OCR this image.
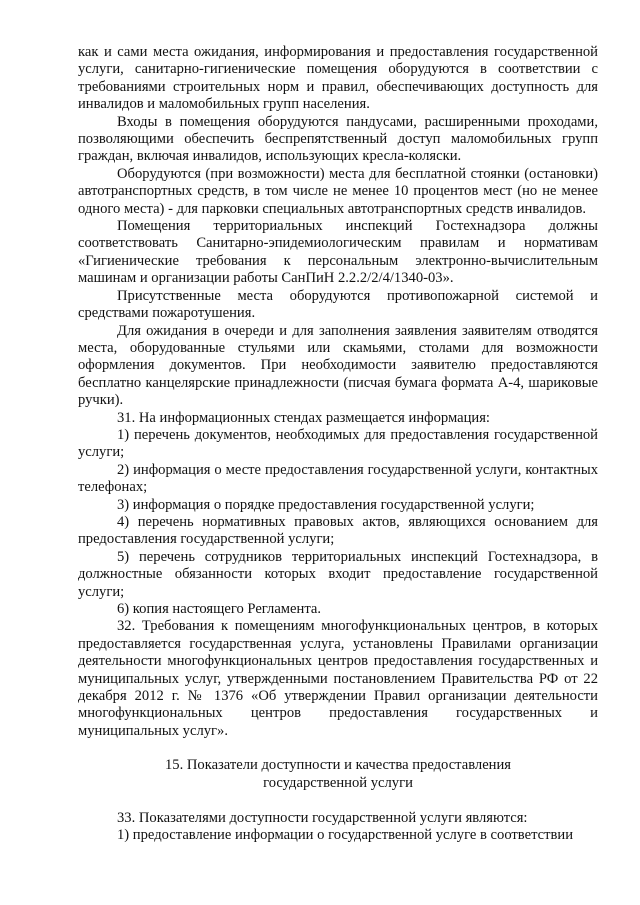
как и сами места ожидания, информирования и предоставления государственной услуги, санитарно-гигиенические помещения оборудуются в соответствии с требованиями строительных норм и правил, обеспечивающих доступность для инвалидов и маломобильных групп населения.

Входы в помещения оборудуются пандусами, расширенными проходами, позволяющими обеспечить беспрепятственный доступ маломобильных групп граждан, включая инвалидов, использующих кресла-коляски.

Оборудуются (при возможности) места для бесплатной стоянки (остановки) автотранспортных средств, в том числе не менее 10 процентов мест (но не менее одного места) - для парковки специальных автотранспортных средств инвалидов.

Помещения территориальных инспекций Гостехнадзора должны соответствовать Санитарно-эпидемиологическим правилам и нормативам «Гигиенические требования к персональным электронно-вычислительным машинам и организации работы СанПиН 2.2.2/2/4/1340-03».

Присутственные места оборудуются противопожарной системой и средствами пожаротушения.

Для ожидания в очереди и для заполнения заявления заявителям отводятся места, оборудованные стульями или скамьями, столами для возможности оформления документов. При необходимости заявителю предоставляются бесплатно канцелярские принадлежности (писчая бумага формата А-4, шариковые ручки).

31. На информационных стендах размещается информация:

1) перечень документов, необходимых для предоставления государственной услуги;

2) информация о месте предоставления государственной услуги, контактных телефонах;

3) информация о порядке предоставления государственной услуги;

4) перечень нормативных правовых актов, являющихся основанием для предоставления государственной услуги;

5) перечень сотрудников территориальных инспекций Гостехнадзора, в должностные обязанности которых входит предоставление государственной услуги;

6) копия настоящего Регламента.

32. Требования к помещениям многофункциональных центров, в которых предоставляется государственная услуга, установлены Правилами организации деятельности многофункциональных центров предоставления государственных и муниципальных услуг, утвержденными постановлением Правительства РФ от 22 декабря 2012 г. № 1376 «Об утверждении Правил организации деятельности многофункциональных центров предоставления государственных и муниципальных услуг».

15. Показатели доступности и качества предоставления
государственной услуги

33. Показателями доступности государственной услуги являются:

1) предоставление информации о государственной услуге в соответствии
